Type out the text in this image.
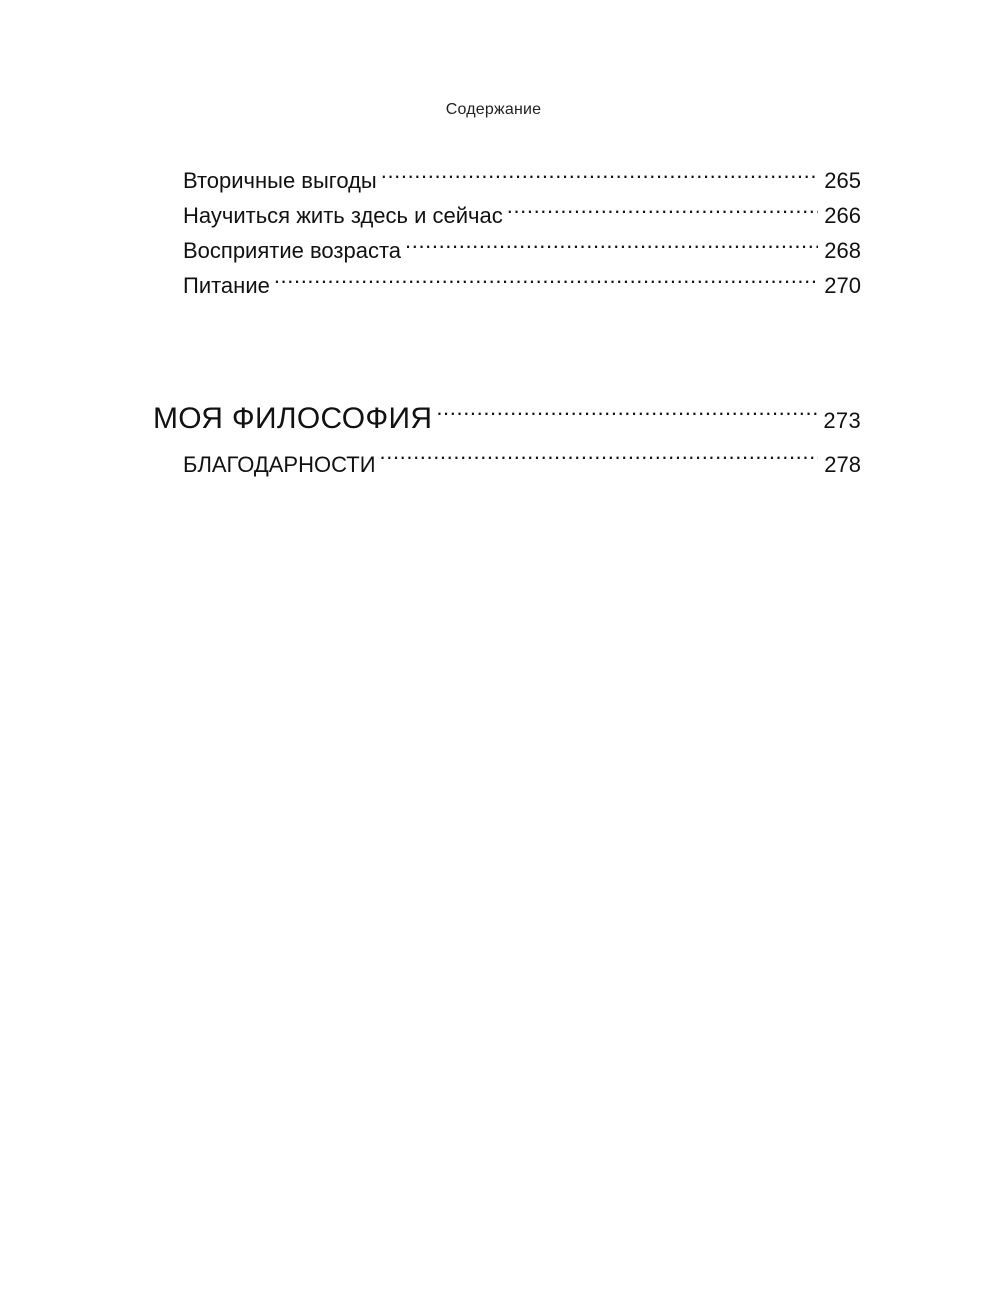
Содержание
Вторичные выгоды .....	265
Научиться жить здесь и сейчас .....	266
Восприятие возраста .....	268
Питание .....	270
МОЯ ФИЛОСОФИЯ .....	273
БЛАГОДАРНОСТИ .....	278
